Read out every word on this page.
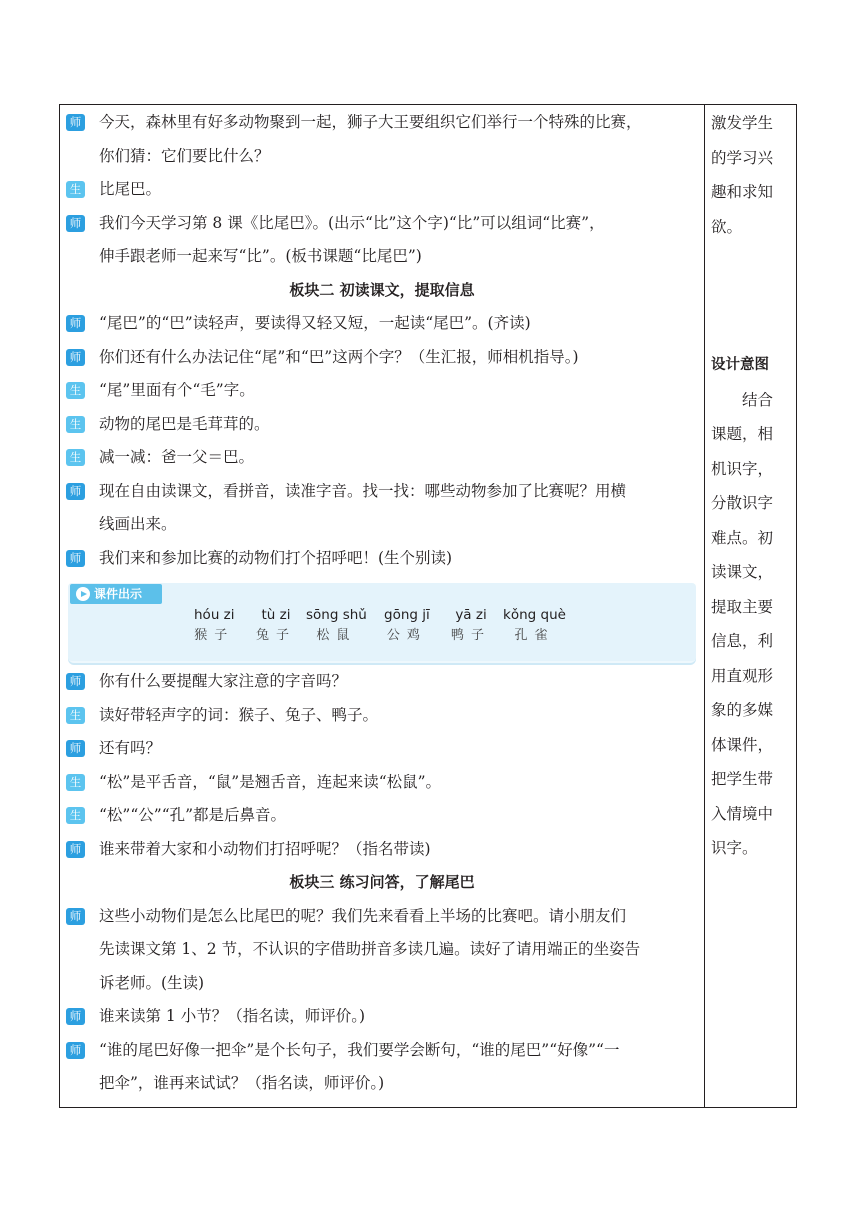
师 今天，森林里有好多动物聚到一起，狮子大王要组织它们举行一个特殊的比赛，
你们猜：它们要比什么？
生 比尾巴。
师 我们今天学习第 8 课《比尾巴》。(出示“比”这个字)“比”可以组词“比赛”，
伸手跟老师一起来写“比”。(板书课题“比尾巴”)
板块二 初读课文，提取信息
师 “尾巴”的“巴”读轻声，要读得又轻又短，一起读“尾巴”。(齐读)
师 你们还有什么办法记住“尾”和“巴”这两个字？（生汇报，师相机指导。)
生 “尾”里面有个“毛”字。
生 动物的尾巴是毛茸茸的。
生 减一减：爸一父＝巴。
师 现在自由读课文，看拼音，读准字音。找一找：哪些动物参加了比赛呢？用横
线画出来。
师 我们来和参加比赛的动物们打个招呼吧！(生个别读)
课件出示
hóu zi
猴子
tù zi
兔子
sōng shǔ
松鼠
gōng jī
公鸡
yā zi
鸭子
kǒng què
孔雀
师 你有什么要提醒大家注意的字音吗？
生 读好带轻声字的词：猴子、兔子、鸭子。
师 还有吗？
生 “松”是平舌音，“鼠”是翘舌音，连起来读“松鼠”。
生 “松”“公”“孔”都是后鼻音。
师 谁来带着大家和小动物们打招呼呢？（指名带读)
板块三 练习问答，了解尾巴
师 这些小动物们是怎么比尾巴的呢？我们先来看看上半场的比赛吧。请小朋友们
先读课文第 1、2 节，不认识的字借助拼音多读几遍。读好了请用端正的坐姿告
诉老师。(生读)
师 谁来读第 1 小节？（指名读，师评价。)
师 “谁的尾巴好像一把伞”是个长句子，我们要学会断句，“谁的尾巴”“好像”“一
把伞”，谁再来试试？（指名读，师评价。)
激发学生
的学习兴
趣和求知
欲。
设计意图
　　结合
课题，相
机识字，
分散识字
难点。初
读课文，
提取主要
信息，利
用直观形
象的多媒
体课件，
把学生带
入情境中
识字。
